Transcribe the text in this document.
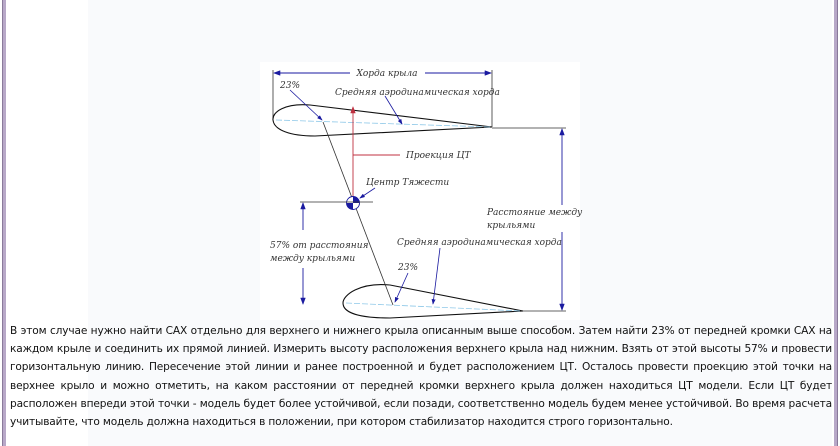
Хорда крыла
23%
Средняя аэродинамическая хорда
Проекция ЦТ
Центр Тяжести
57% от расстояния
между крыльями
Расстояние между
крыльями
Средняя аэродинамическая хорда
23%
В этом случае нужно найти САХ отдельно для верхнего и нижнего крыла описанным выше способом. Затем найти 23% от передней кромки САХ на каждом крыле и соединить их прямой линией. Измерить высоту расположения верхнего крыла над нижним. Взять от этой высоты 57% и провести горизонтальную линию. Пересечение этой линии и ранее построенной и будет расположением ЦТ. Осталось провести проекцию этой точки на верхнее крыло и можно отметить, на каком расстоянии от передней кромки верхнего крыла должен находиться ЦТ модели. Если ЦТ будет расположен впереди этой точки - модель будет более устойчивой, если позади, соответственно модель будем менее устойчивой. Во время расчета учитывайте, что модель должна находиться в положении, при котором стабилизатор находится строго горизонтально.
